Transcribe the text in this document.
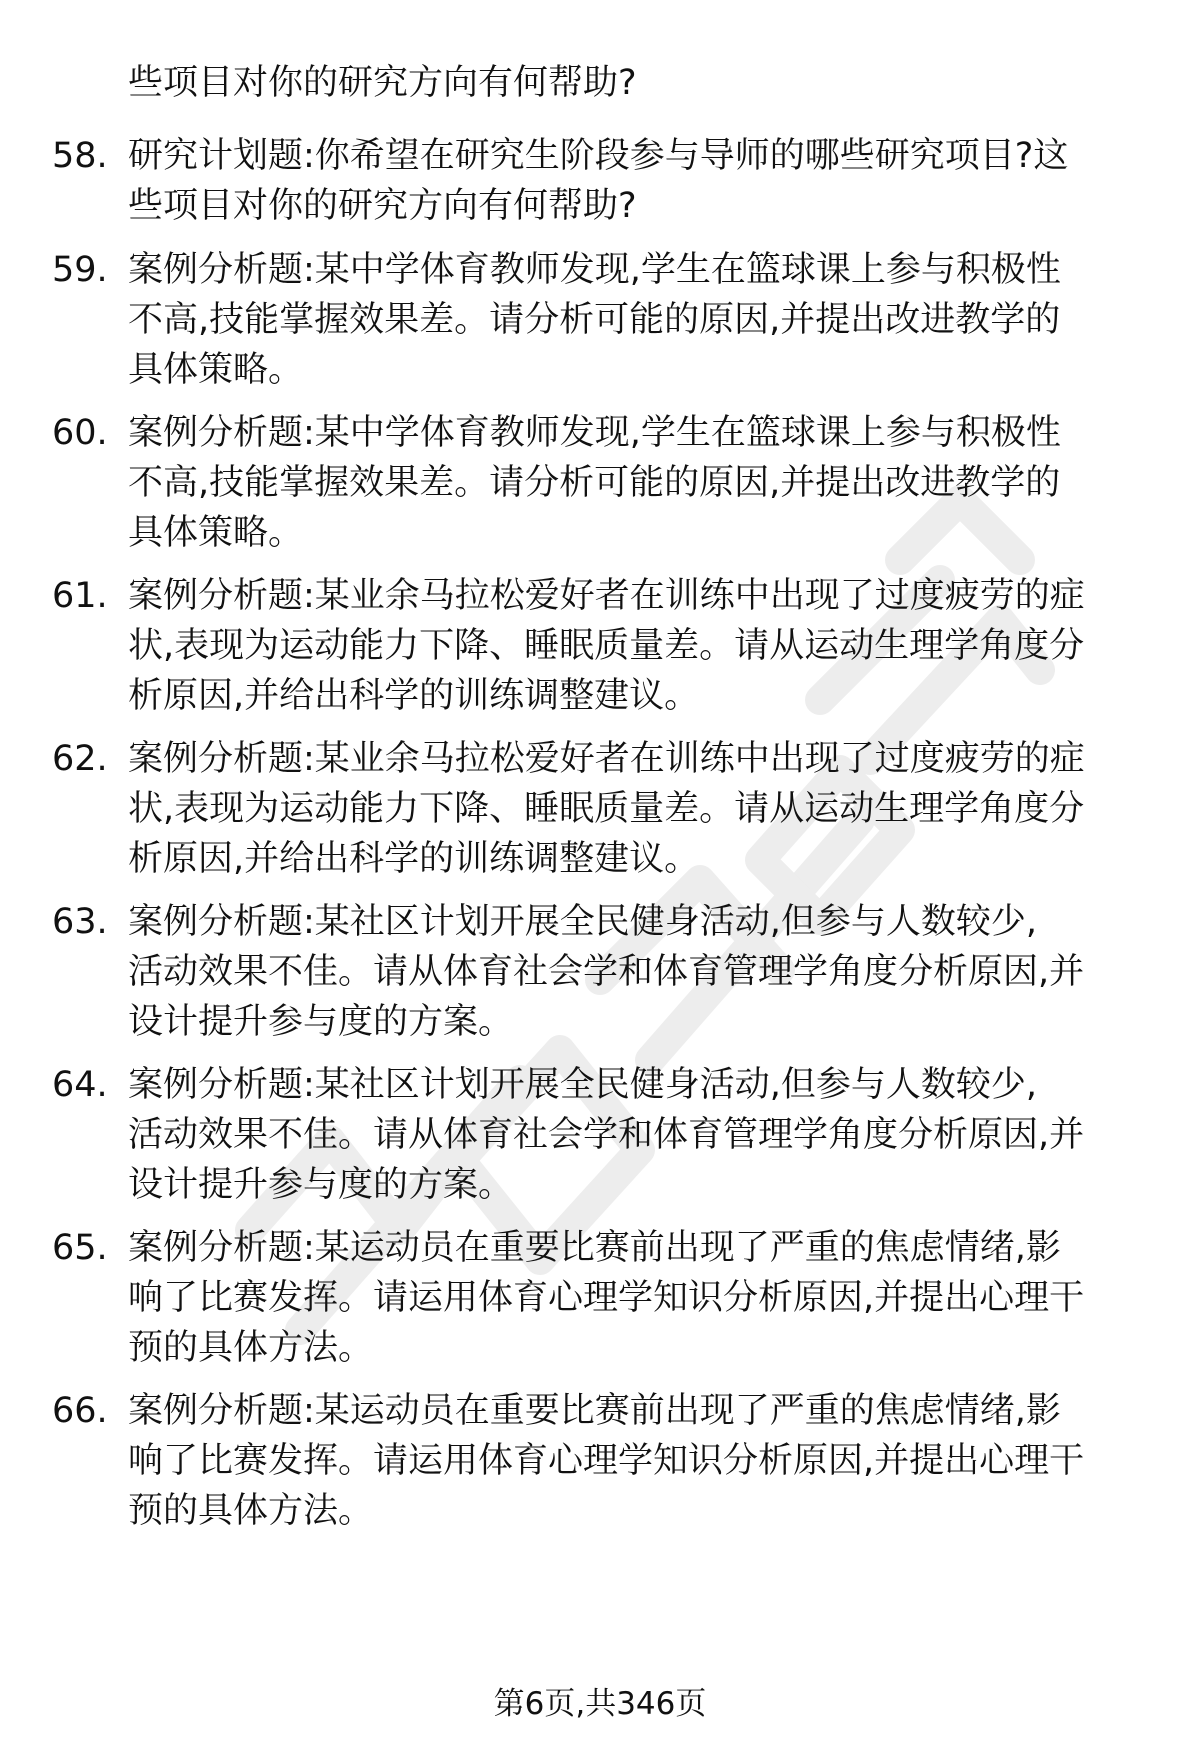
些项目对你的研究方向有何帮助?
58. 研究计划题:你希望在研究生阶段参与导师的哪些研究项目?这
些项目对你的研究方向有何帮助?
59. 案例分析题:某中学体育教师发现,学生在篮球课上参与积极性
不高,技能掌握效果差。请分析可能的原因,并提出改进教学的
具体策略。
60. 案例分析题:某中学体育教师发现,学生在篮球课上参与积极性
不高,技能掌握效果差。请分析可能的原因,并提出改进教学的
具体策略。
61. 案例分析题:某业余马拉松爱好者在训练中出现了过度疲劳的症
状,表现为运动能力下降、睡眠质量差。请从运动生理学角度分
析原因,并给出科学的训练调整建议。
62. 案例分析题:某业余马拉松爱好者在训练中出现了过度疲劳的症
状,表现为运动能力下降、睡眠质量差。请从运动生理学角度分
析原因,并给出科学的训练调整建议。
63. 案例分析题:某社区计划开展全民健身活动,但参与人数较少,
活动效果不佳。请从体育社会学和体育管理学角度分析原因,并
设计提升参与度的方案。
64. 案例分析题:某社区计划开展全民健身活动,但参与人数较少,
活动效果不佳。请从体育社会学和体育管理学角度分析原因,并
设计提升参与度的方案。
65. 案例分析题:某运动员在重要比赛前出现了严重的焦虑情绪,影
响了比赛发挥。请运用体育心理学知识分析原因,并提出心理干
预的具体方法。
66. 案例分析题:某运动员在重要比赛前出现了严重的焦虑情绪,影
响了比赛发挥。请运用体育心理学知识分析原因,并提出心理干
预的具体方法。
第6页,共346页
